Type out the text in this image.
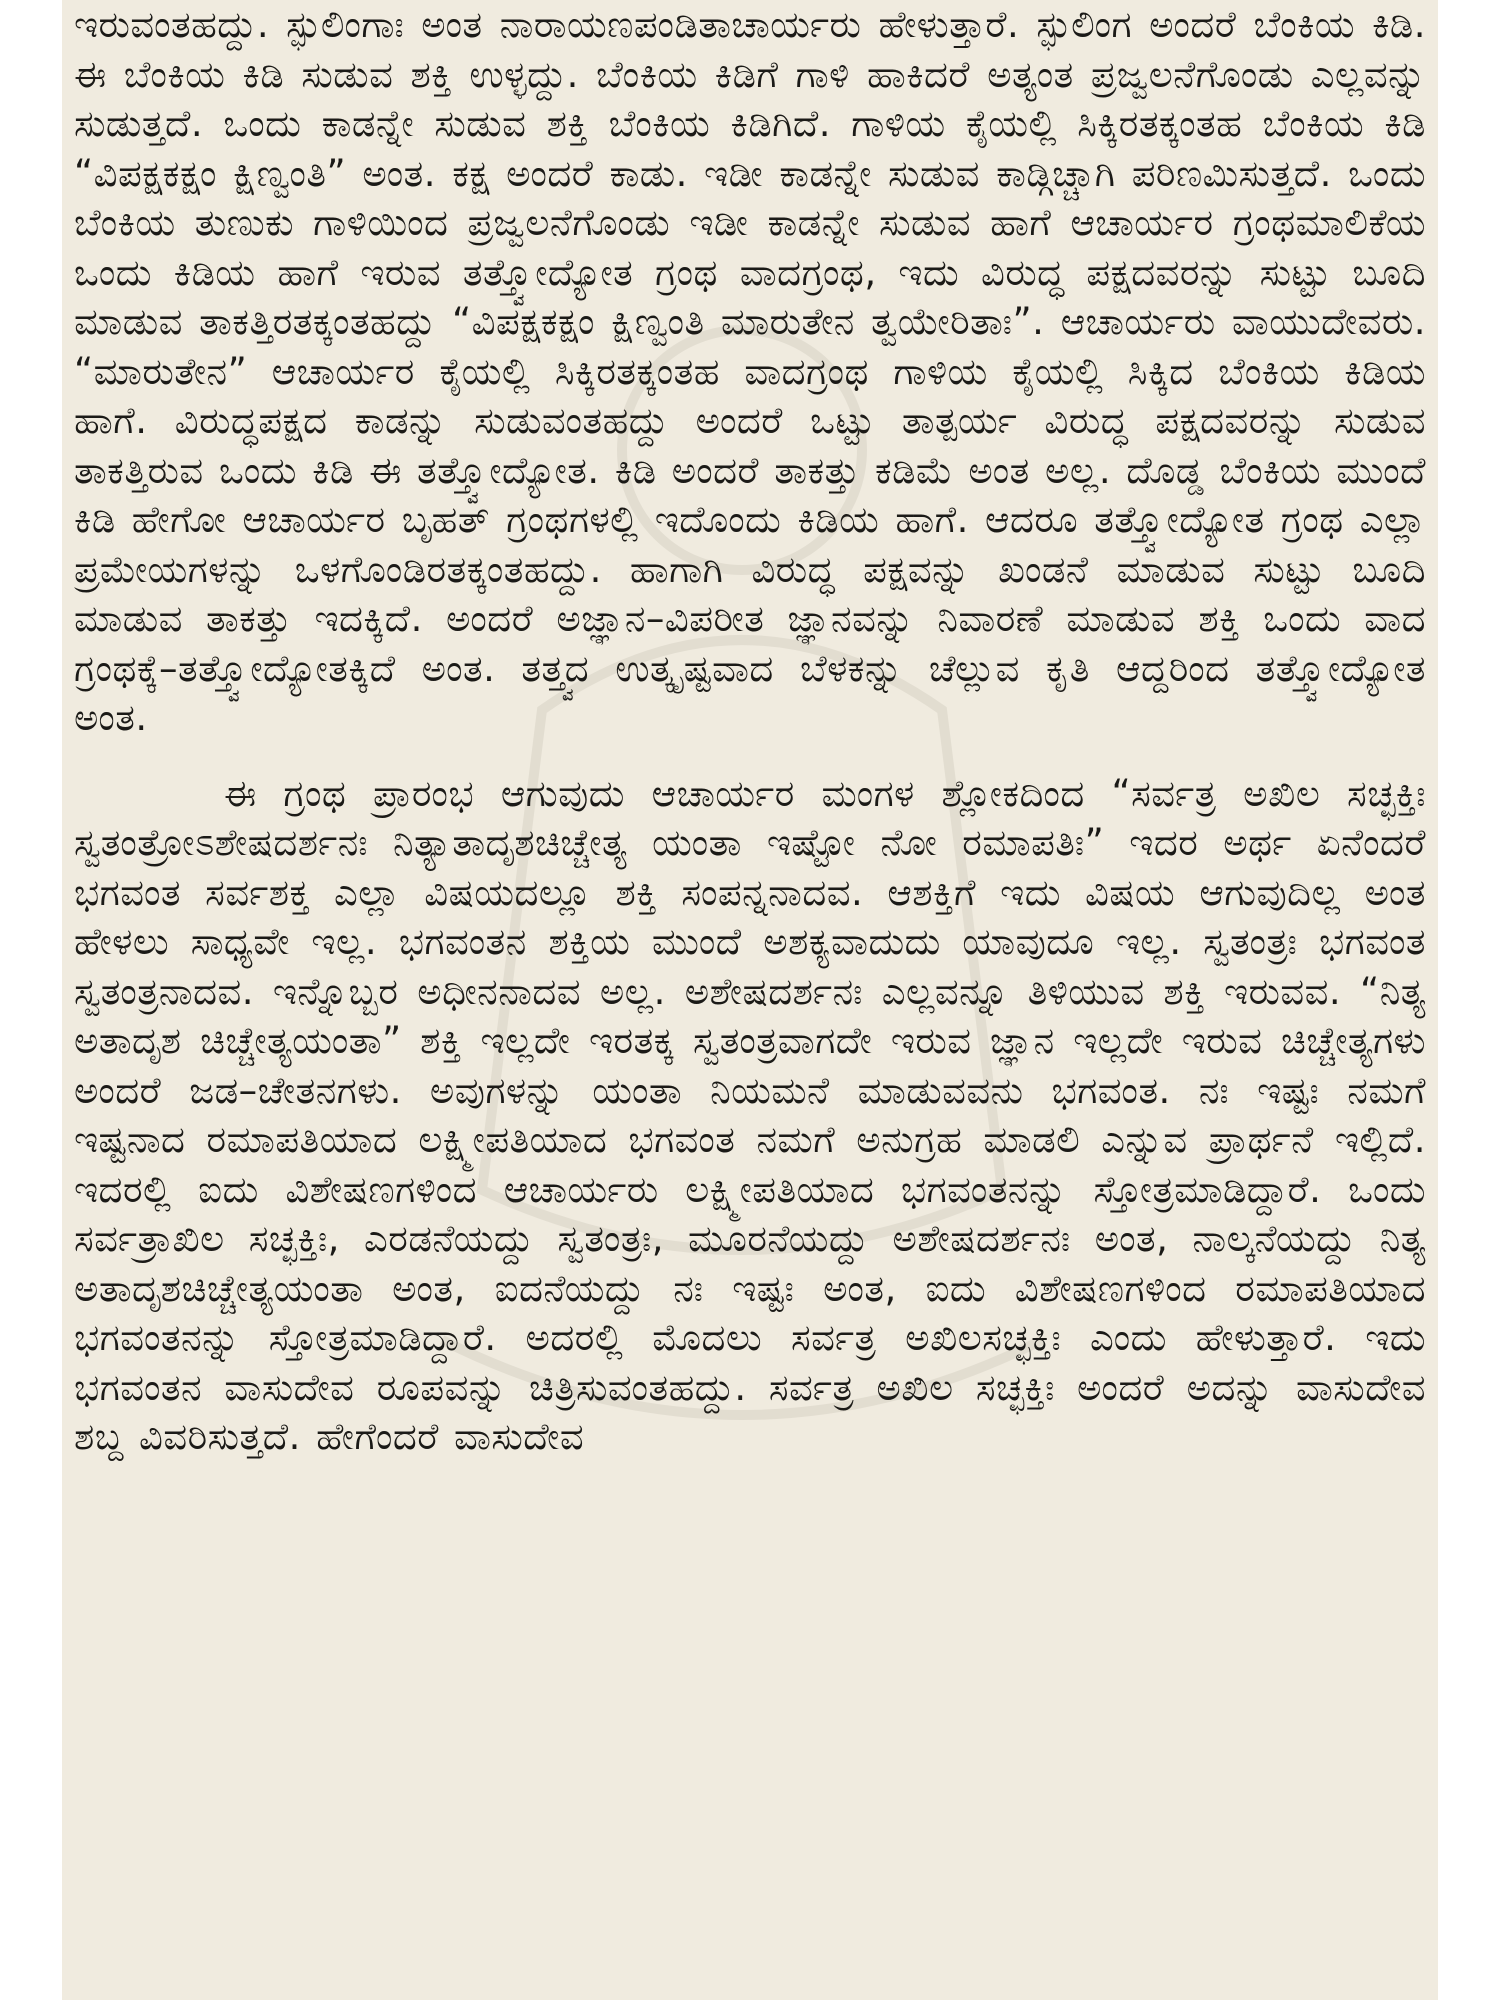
ಇರುವಂತಹದ್ದು. ಸ್ಫುಲಿಂಗಾಃ ಅಂತ ನಾರಾಯಣಪಂಡಿತಾಚಾರ್ಯರು ಹೇಳುತ್ತಾರೆ. ಸ್ಫುಲಿಂಗ ಅಂದರೆ ಬೆಂಕಿಯ ಕಿಡಿ. ಈ ಬೆಂಕಿಯ ಕಿಡಿ ಸುಡುವ ಶಕ್ತಿ ಉಳ್ಳದ್ದು. ಬೆಂಕಿಯ ಕಿಡಿಗೆ ಗಾಳಿ ಹಾಕಿದರೆ ಅತ್ಯಂತ ಪ್ರಜ್ವಲನೆಗೊಂಡು ಎಲ್ಲವನ್ನು ಸುಡುತ್ತದೆ. ಒಂದು ಕಾಡನ್ನೇ ಸುಡುವ ಶಕ್ತಿ ಬೆಂಕಿಯ ಕಿಡಿಗಿದೆ. ಗಾಳಿಯ ಕೈಯಲ್ಲಿ ಸಿಕ್ಕಿರತಕ್ಕಂತಹ ಬೆಂಕಿಯ ಕಿಡಿ “ವಿಪಕ್ಷಕಕ್ಷಂ ಕ್ಷಿಣ್ವಂತಿ” ಅಂತ. ಕಕ್ಷ ಅಂದರೆ ಕಾಡು. ಇಡೀ ಕಾಡನ್ನೇ ಸುಡುವ ಕಾಡ್ಗಿಚ್ಚಾಗಿ ಪರಿಣಮಿಸುತ್ತದೆ. ಒಂದು ಬೆಂಕಿಯ ತುಣುಕು ಗಾಳಿಯಿಂದ ಪ್ರಜ್ವಲನೆಗೊಂಡು ಇಡೀ ಕಾಡನ್ನೇ ಸುಡುವ ಹಾಗೆ ಆಚಾರ್ಯರ ಗ್ರಂಥಮಾಲಿಕೆಯ ಒಂದು ಕಿಡಿಯ ಹಾಗೆ ಇರುವ ತತ್ತ್ವೋದ್ಯೋತ ಗ್ರಂಥ ವಾದಗ್ರಂಥ, ಇದು ವಿರುದ್ಧ ಪಕ್ಷದವರನ್ನು ಸುಟ್ಟು ಬೂದಿ ಮಾಡುವ ತಾಕತ್ತಿರತಕ್ಕಂತಹದ್ದು “ವಿಪಕ್ಷಕಕ್ಷಂ ಕ್ಷಿಣ್ವಂತಿ ಮಾರುತೇನ ತ್ವಯೇರಿತಾಃ”. ಆಚಾರ್ಯರು ವಾಯುದೇವರು. “ಮಾರುತೇನ” ಆಚಾರ್ಯರ ಕೈಯಲ್ಲಿ ಸಿಕ್ಕಿರತಕ್ಕಂತಹ ವಾದಗ್ರಂಥ ಗಾಳಿಯ ಕೈಯಲ್ಲಿ ಸಿಕ್ಕಿದ ಬೆಂಕಿಯ ಕಿಡಿಯ ಹಾಗೆ. ವಿರುದ್ಧಪಕ್ಷದ ಕಾಡನ್ನು ಸುಡುವಂತಹದ್ದು ಅಂದರೆ ಒಟ್ಟು ತಾತ್ಪರ್ಯ ವಿರುದ್ಧ ಪಕ್ಷದವರನ್ನು ಸುಡುವ ತಾಕತ್ತಿರುವ ಒಂದು ಕಿಡಿ ಈ ತತ್ತ್ವೋದ್ಯೋತ. ಕಿಡಿ ಅಂದರೆ ತಾಕತ್ತು ಕಡಿಮೆ ಅಂತ ಅಲ್ಲ. ದೊಡ್ಡ ಬೆಂಕಿಯ ಮುಂದೆ ಕಿಡಿ ಹೇಗೋ ಆಚಾರ್ಯರ ಬೃಹತ್ ಗ್ರಂಥಗಳಲ್ಲಿ ಇದೊಂದು ಕಿಡಿಯ ಹಾಗೆ. ಆದರೂ ತತ್ತ್ವೋದ್ಯೋತ ಗ್ರಂಥ ಎಲ್ಲಾ ಪ್ರಮೇಯಗಳನ್ನು ಒಳಗೊಂಡಿರತಕ್ಕಂತಹದ್ದು. ಹಾಗಾಗಿ ವಿರುದ್ಧ ಪಕ್ಷವನ್ನು ಖಂಡನೆ ಮಾಡುವ ಸುಟ್ಟು ಬೂದಿ ಮಾಡುವ ತಾಕತ್ತು ಇದಕ್ಕಿದೆ. ಅಂದರೆ ಅಜ್ಞಾನ–ವಿಪರೀತ ಜ್ಞಾನವನ್ನು ನಿವಾರಣೆ ಮಾಡುವ ಶಕ್ತಿ ಒಂದು ವಾದ ಗ್ರಂಥಕ್ಕೆ–ತತ್ತ್ವೋದ್ಯೋತಕ್ಕಿದೆ ಅಂತ. ತತ್ತ್ವದ ಉತ್ಕೃಷ್ಟವಾದ ಬೆಳಕನ್ನು ಚೆಲ್ಲುವ ಕೃತಿ ಆದ್ದರಿಂದ ತತ್ತ್ವೋದ್ಯೋತ ಅಂತ.

ಈ ಗ್ರಂಥ ಪ್ರಾರಂಭ ಆಗುವುದು ಆಚಾರ್ಯರ ಮಂಗಳ ಶ್ಲೋಕದಿಂದ “ಸರ್ವತ್ರ ಅಖಿಲ ಸಚ್ಛಕ್ತಿಃ ಸ್ವತಂತ್ರೋಽಶೇಷದರ್ಶನಃ ನಿತ್ಯಾತಾದೃಶಚಿಚ್ಚೇತ್ಯ ಯಂತಾ ಇಷ್ಟೋ ನೋ ರಮಾಪತಿಃ” ಇದರ ಅರ್ಥ ಏನೆಂದರೆ ಭಗವಂತ ಸರ್ವಶಕ್ತ ಎಲ್ಲಾ ವಿಷಯದಲ್ಲೂ ಶಕ್ತಿ ಸಂಪನ್ನನಾದವ. ಆಶಕ್ತಿಗೆ ಇದು ವಿಷಯ ಆಗುವುದಿಲ್ಲ ಅಂತ ಹೇಳಲು ಸಾಧ್ಯವೇ ಇಲ್ಲ. ಭಗವಂತನ ಶಕ್ತಿಯ ಮುಂದೆ ಅಶಕ್ಯವಾದುದು ಯಾವುದೂ ಇಲ್ಲ. ಸ್ವತಂತ್ರಃ ಭಗವಂತ ಸ್ವತಂತ್ರನಾದವ. ಇನ್ನೊಬ್ಬರ ಅಧೀನನಾದವ ಅಲ್ಲ. ಅಶೇಷದರ್ಶನಃ ಎಲ್ಲವನ್ನೂ ತಿಳಿಯುವ ಶಕ್ತಿ ಇರುವವ. “ನಿತ್ಯ ಅತಾದೃಶ ಚಿಚ್ಚೇತ್ಯಯಂತಾ” ಶಕ್ತಿ ಇಲ್ಲದೇ ಇರತಕ್ಕ ಸ್ವತಂತ್ರವಾಗದೇ ಇರುವ ಜ್ಞಾನ ಇಲ್ಲದೇ ಇರುವ ಚಿಚ್ಚೇತ್ಯಗಳು ಅಂದರೆ ಜಡ–ಚೇತನಗಳು. ಅವುಗಳನ್ನು ಯಂತಾ ನಿಯಮನೆ ಮಾಡುವವನು ಭಗವಂತ. ನಃ ಇಷ್ಟಃ ನಮಗೆ ಇಷ್ಟನಾದ ರಮಾಪತಿಯಾದ ಲಕ್ಷ್ಮೀಪತಿಯಾದ ಭಗವಂತ ನಮಗೆ ಅನುಗ್ರಹ ಮಾಡಲಿ ಎನ್ನುವ ಪ್ರಾರ್ಥನೆ ಇಲ್ಲಿದೆ. ಇದರಲ್ಲಿ ಐದು ವಿಶೇಷಣಗಳಿಂದ ಆಚಾರ್ಯರು ಲಕ್ಷ್ಮೀಪತಿಯಾದ ಭಗವಂತನನ್ನು ಸ್ತೋತ್ರಮಾಡಿದ್ದಾರೆ. ಒಂದು ಸರ್ವತ್ರಾಖಿಲ ಸಚ್ಛಕ್ತಿಃ, ಎರಡನೆಯದ್ದು ಸ್ವತಂತ್ರಃ, ಮೂರನೆಯದ್ದು ಅಶೇಷದರ್ಶನಃ ಅಂತ, ನಾಲ್ಕನೆಯದ್ದು ನಿತ್ಯ ಅತಾದೃಶಚಿಚ್ಚೇತ್ಯಯಂತಾ ಅಂತ, ಐದನೆಯದ್ದು ನಃ ಇಷ್ಟಃ ಅಂತ, ಐದು ವಿಶೇಷಣಗಳಿಂದ ರಮಾಪತಿಯಾದ ಭಗವಂತನನ್ನು ಸ್ತೋತ್ರಮಾಡಿದ್ದಾರೆ. ಅದರಲ್ಲಿ ಮೊದಲು ಸರ್ವತ್ರ ಅಖಿಲಸಚ್ಛಕ್ತಿಃ ಎಂದು ಹೇಳುತ್ತಾರೆ. ಇದು ಭಗವಂತನ ವಾಸುದೇವ ರೂಪವನ್ನು ಚಿತ್ರಿಸುವಂತಹದ್ದು. ಸರ್ವತ್ರ ಅಖಿಲ ಸಚ್ಛಕ್ತಿಃ ಅಂದರೆ ಅದನ್ನು ವಾಸುದೇವ ಶಬ್ದ ವಿವರಿಸುತ್ತದೆ. ಹೇಗೆಂದರೆ ವಾಸುದೇವ
